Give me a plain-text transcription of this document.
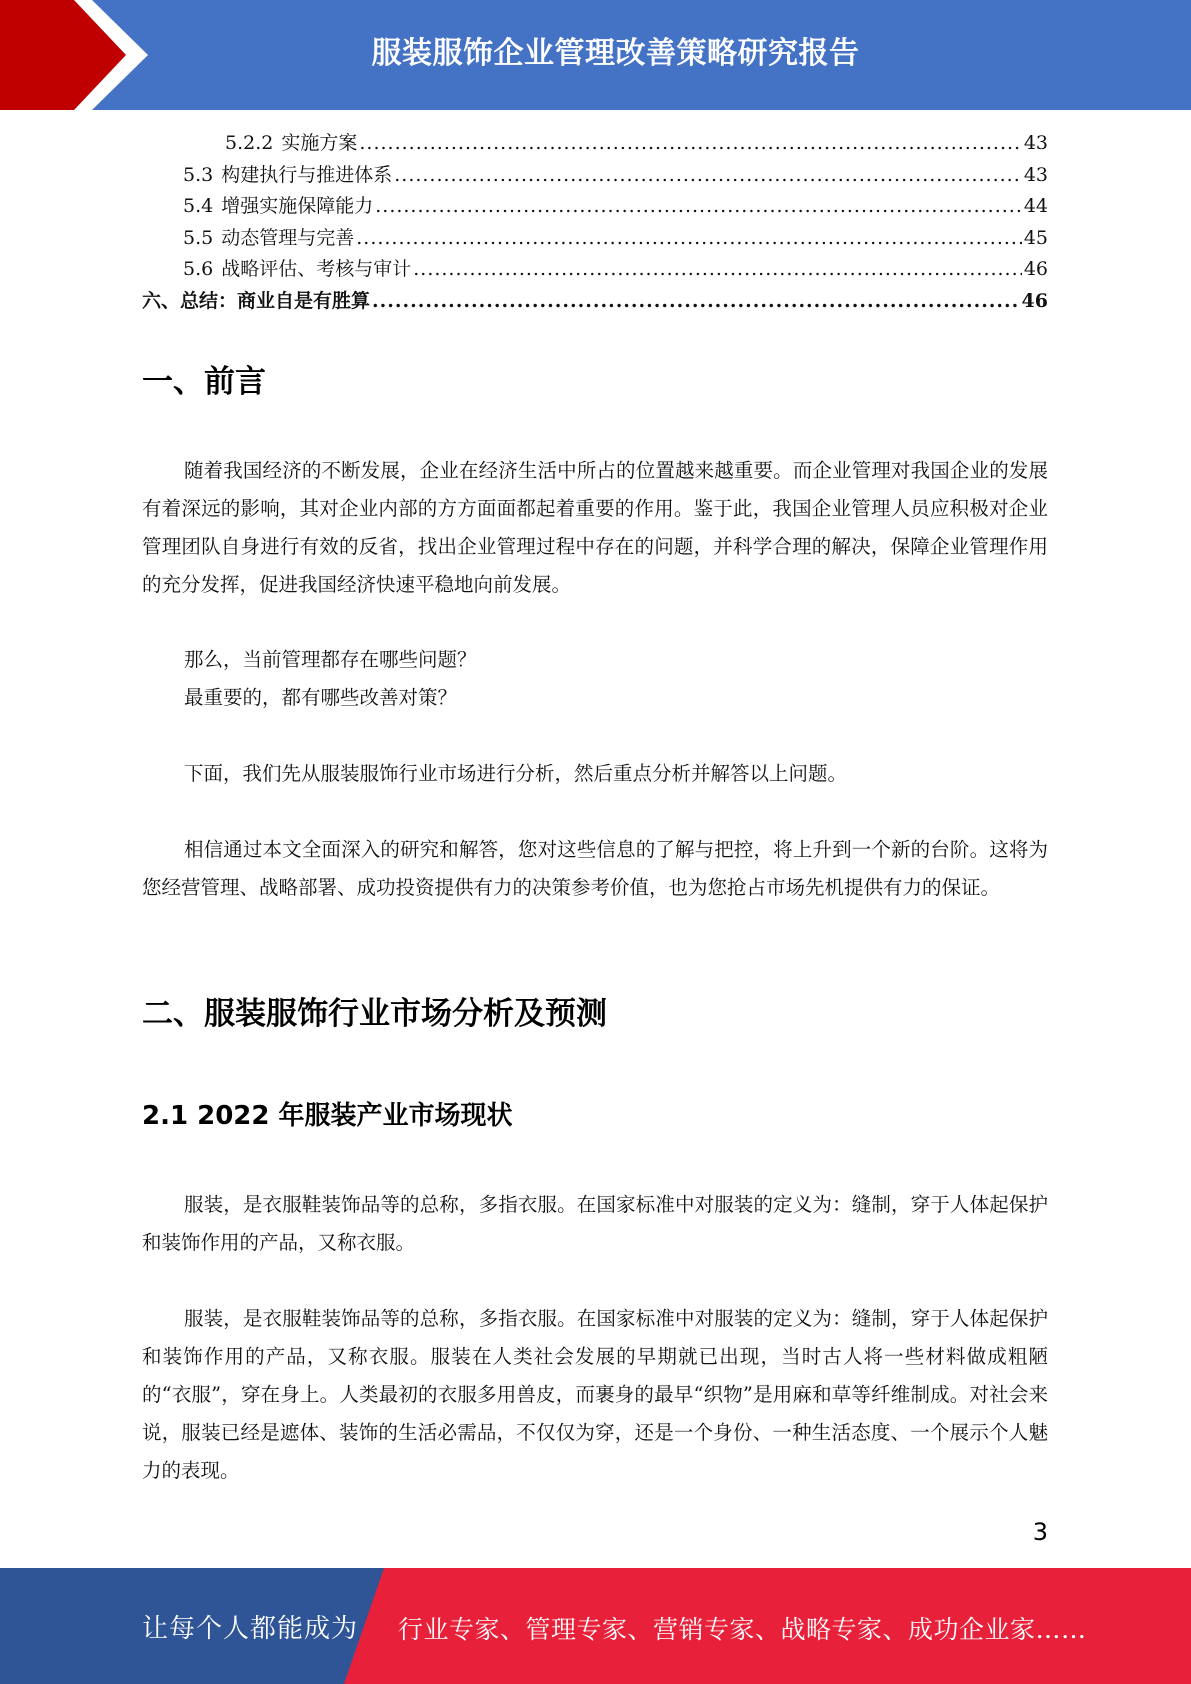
服装服饰企业管理改善策略研究报告
5.2.2 实施方案 .....	43
5.3 构建执行与推进体系 .....	43
5.4 增强实施保障能力 .....	44
5.5 动态管理与完善 .....	45
5.6 战略评估、考核与审计 .....	46
六、总结：商业自是有胜算 .....	46
一、前言

随着我国经济的不断发展，企业在经济生活中所占的位置越来越重要。而企业管理对我国企业的发展有着深远的影响，其对企业内部的方方面面都起着重要的作用。鉴于此，我国企业管理人员应积极对企业管理团队自身进行有效的反省，找出企业管理过程中存在的问题，并科学合理的解决，保障企业管理作用的充分发挥，促进我国经济快速平稳地向前发展。

那么，当前管理都存在哪些问题？

最重要的，都有哪些改善对策？

下面，我们先从服装服饰行业市场进行分析，然后重点分析并解答以上问题。

相信通过本文全面深入的研究和解答，您对这些信息的了解与把控，将上升到一个新的台阶。这将为您经营管理、战略部署、成功投资提供有力的决策参考价值，也为您抢占市场先机提供有力的保证。

二、服装服饰行业市场分析及预测
2.1 2022 年服装产业市场现状

服装，是衣服鞋装饰品等的总称，多指衣服。在国家标准中对服装的定义为：缝制，穿于人体起保护和装饰作用的产品，又称衣服。

服装，是衣服鞋装饰品等的总称，多指衣服。在国家标准中对服装的定义为：缝制，穿于人体起保护和装饰作用的产品，又称衣服。服装在人类社会发展的早期就已出现，当时古人将一些材料做成粗陋的“衣服”，穿在身上。人类最初的衣服多用兽皮，而裹身的最早“织物”是用麻和草等纤维制成。对社会来说，服装已经是遮体、装饰的生活必需品，不仅仅为穿，还是一个身份、一种生活态度、一个展示个人魅力的表现。

3
让每个人都能成为 行业专家、管理专家、营销专家、战略专家、成功企业家……
